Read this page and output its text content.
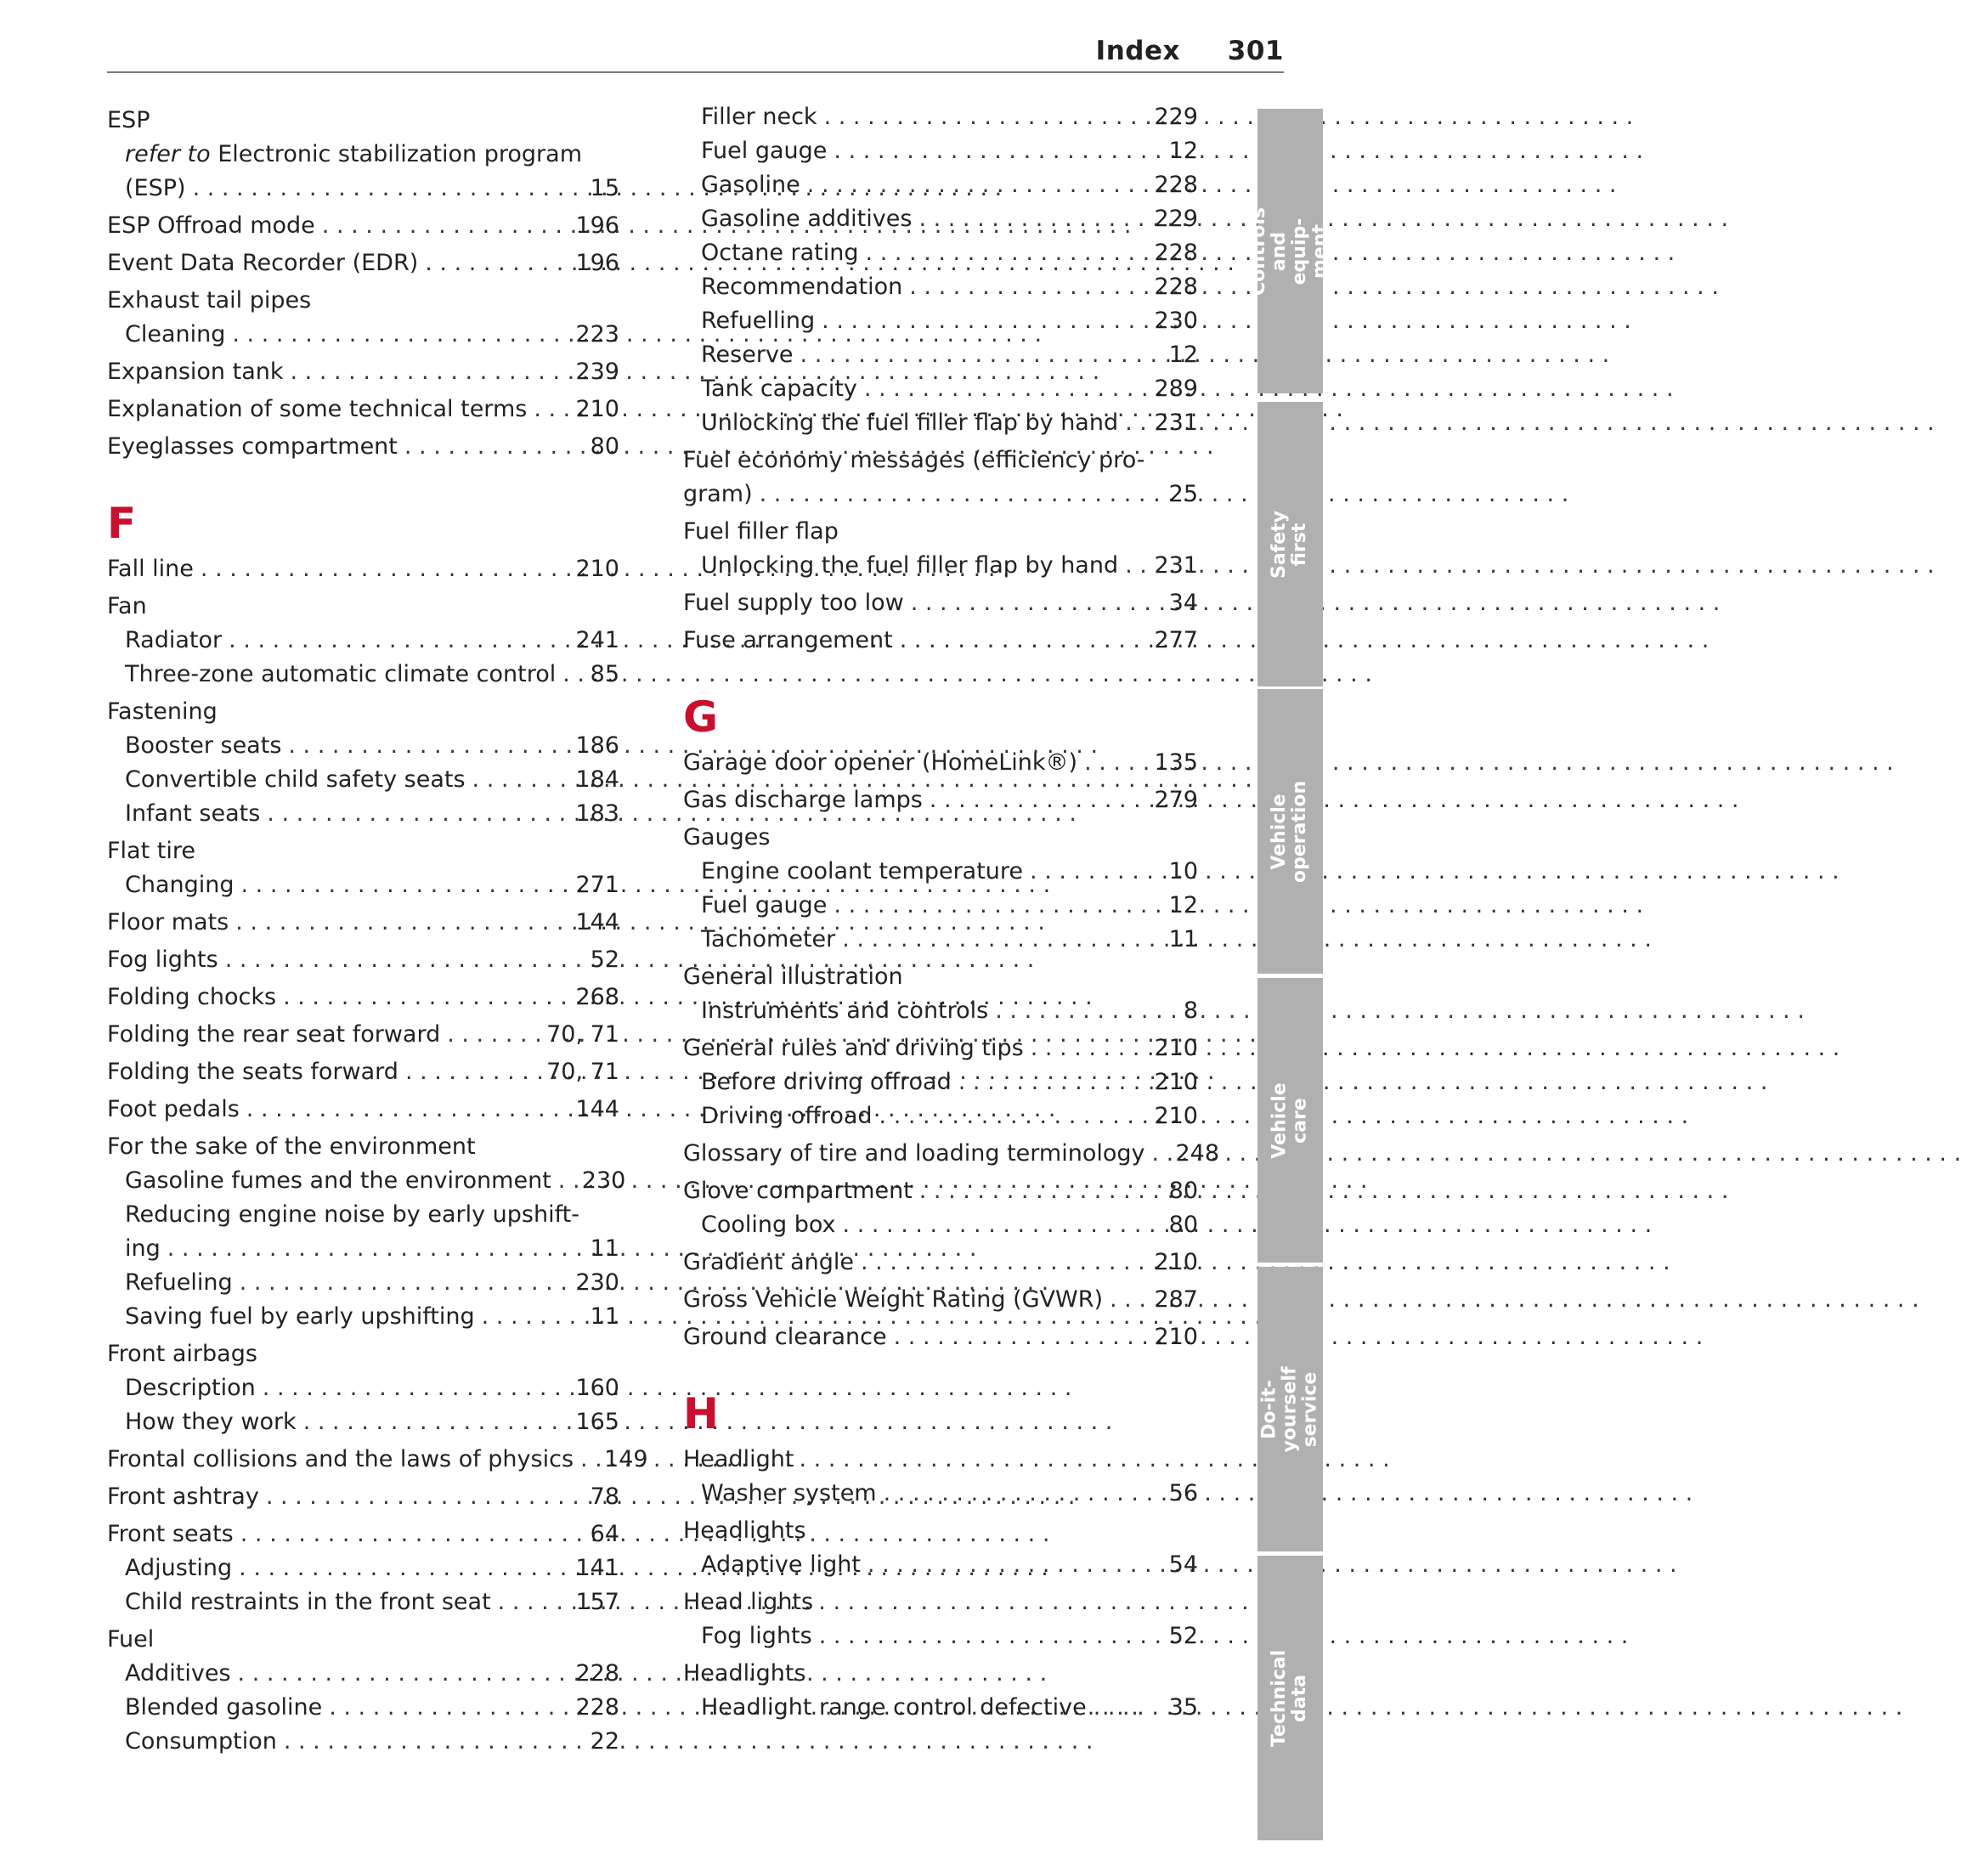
Index 301
ESP
refer to Electronic stabilization program
(ESP) . . .	15
ESP Offroad mode . . .	196
Event Data Recorder (EDR) . . .	196
Exhaust tail pipes
Cleaning . . .	223
Expansion tank . . .	239
Explanation of some technical terms . . . 210
Eyeglasses compartment . . .	80
F
Fall line . . .	210
Fan
Radiator . . .	241
Three-zone automatic climate control . . . 85
Fastening
Booster seats . . .	186
Convertible child safety seats . . .	184
Infant seats . . .	183
Flat tire
Changing . . .	271
Floor mats . . .	144
Fog lights . . .	52
Folding chocks . . .	268
Folding the rear seat forward . . .	70, 71
Folding the seats forward . . .	70, 71
Foot pedals . . .	144
For the sake of the environment
Gasoline fumes and the environment . . . 230
Reducing engine noise by early upshift-
ing . . .	11
Refueling . . .	230
Saving fuel by early upshifting . . .	11
Front airbags
Description . . .	160
How they work . . .	165
Frontal collisions and the laws of physics . . . 149
Front ashtray . . .	78
Front seats . . .	64
Adjusting . . .	141
Child restraints in the front seat . . .	157
Fuel
Additives . . .	228
Blended gasoline . . .	228
Consumption . . .	22
Filler neck . . .	229
Fuel gauge . . .	12
Gasoline . . .	228
Gasoline additives . . .	229
Octane rating . . .	228
Recommendation . . .	228
Refuelling . . .	230
Reserve . . .	12
Tank capacity . . .	289
Unlocking the fuel filler flap by hand . . . 231
Fuel economy messages (efficiency pro-
gram) . . .	25
Fuel filler flap
Unlocking the fuel filler flap by hand . . . 231
Fuel supply too low . . .	34
Fuse arrangement . . .	277
G
Garage door opener (HomeLink®) . . .	135
Gas discharge lamps . . .	279
Gauges
Engine coolant temperature . . .	10
Fuel gauge . . .	12
Tachometer . . .	11
General illustration
Instruments and controls . . .	8
General rules and driving tips . . .	210
Before driving offroad . . .	210
Driving offroad . . .	210
Glossary of tire and loading terminology . . . 248
Glove compartment . . .	80
Cooling box . . .	80
Gradient angle . . .	210
Gross Vehicle Weight Rating (GVWR) . . . 287
Ground clearance . . .	210
H
Headlight
Washer system . . .	56
Headlights
Adaptive light . . .	54
Head lights
Fog lights . . .	52
Headlights
Headlight range control defective . . .	35
Controls and equip- ment
Safety first
Vehicle operation
Vehicle care
Do-it-yourself service
Technical data
